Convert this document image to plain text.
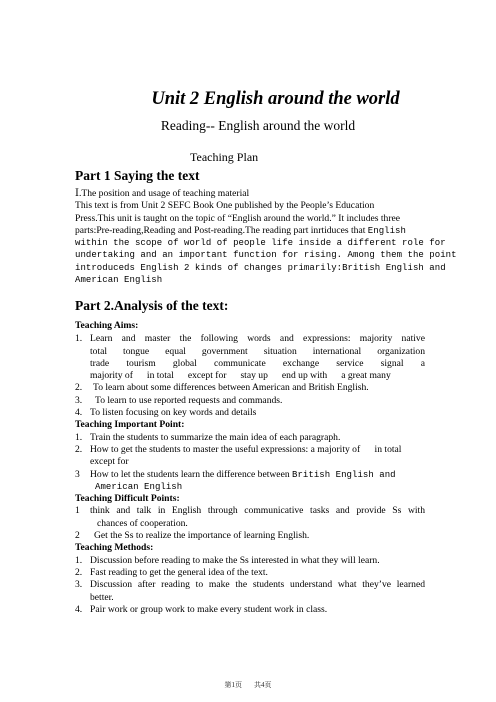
Unit 2 English around the world
Reading-- English around the world
Teaching Plan
Part 1 Saying the text
Ⅰ.The position and usage of teaching material
This text is from Unit 2 SEFC Book One published by the People’s Education
Press.This unit is taught on the topic of “English around the world.” It includes three
parts:Pre-reading,Reading and Post-reading.The reading part inrtiduces that English
within the scope of world of people life inside a different role for
undertaking and an important function for rising. Among them the point
introduceds English 2 kinds of changes primarily:British English and
American English
Part 2.Analysis of the text:
Teaching Aims:
1. Learn and master the following words and expressions: majority native
total tongue equal government situation international organization
trade tourism global communicate exchange service signal a
majority of in total except for stay up end up with a great many
2. To learn about some differences between American and British English.
3. To learn to use reported requests and commands.
4. To listen focusing on key words and details
Teaching Important Point:
1. Train the students to summarize the main idea of each paragraph.
2. How to get the students to master the useful expressions: a majority of      in total
except for
3 How to let the students learn the difference between British English and
American English
Teaching Difficult Points:
1 think and talk in English through communicative tasks and provide Ss with
chances of cooperation.
2 Get the Ss to realize the importance of learning English.
Teaching Methods:
1. Discussion before reading to make the Ss interested in what they will learn.
2. Fast reading to get the general idea of the text.
3. Discussion after reading to make the students understand what they’ve learned
better.
4. Pair work or group work to make every student work in class.
第1页 共4页
